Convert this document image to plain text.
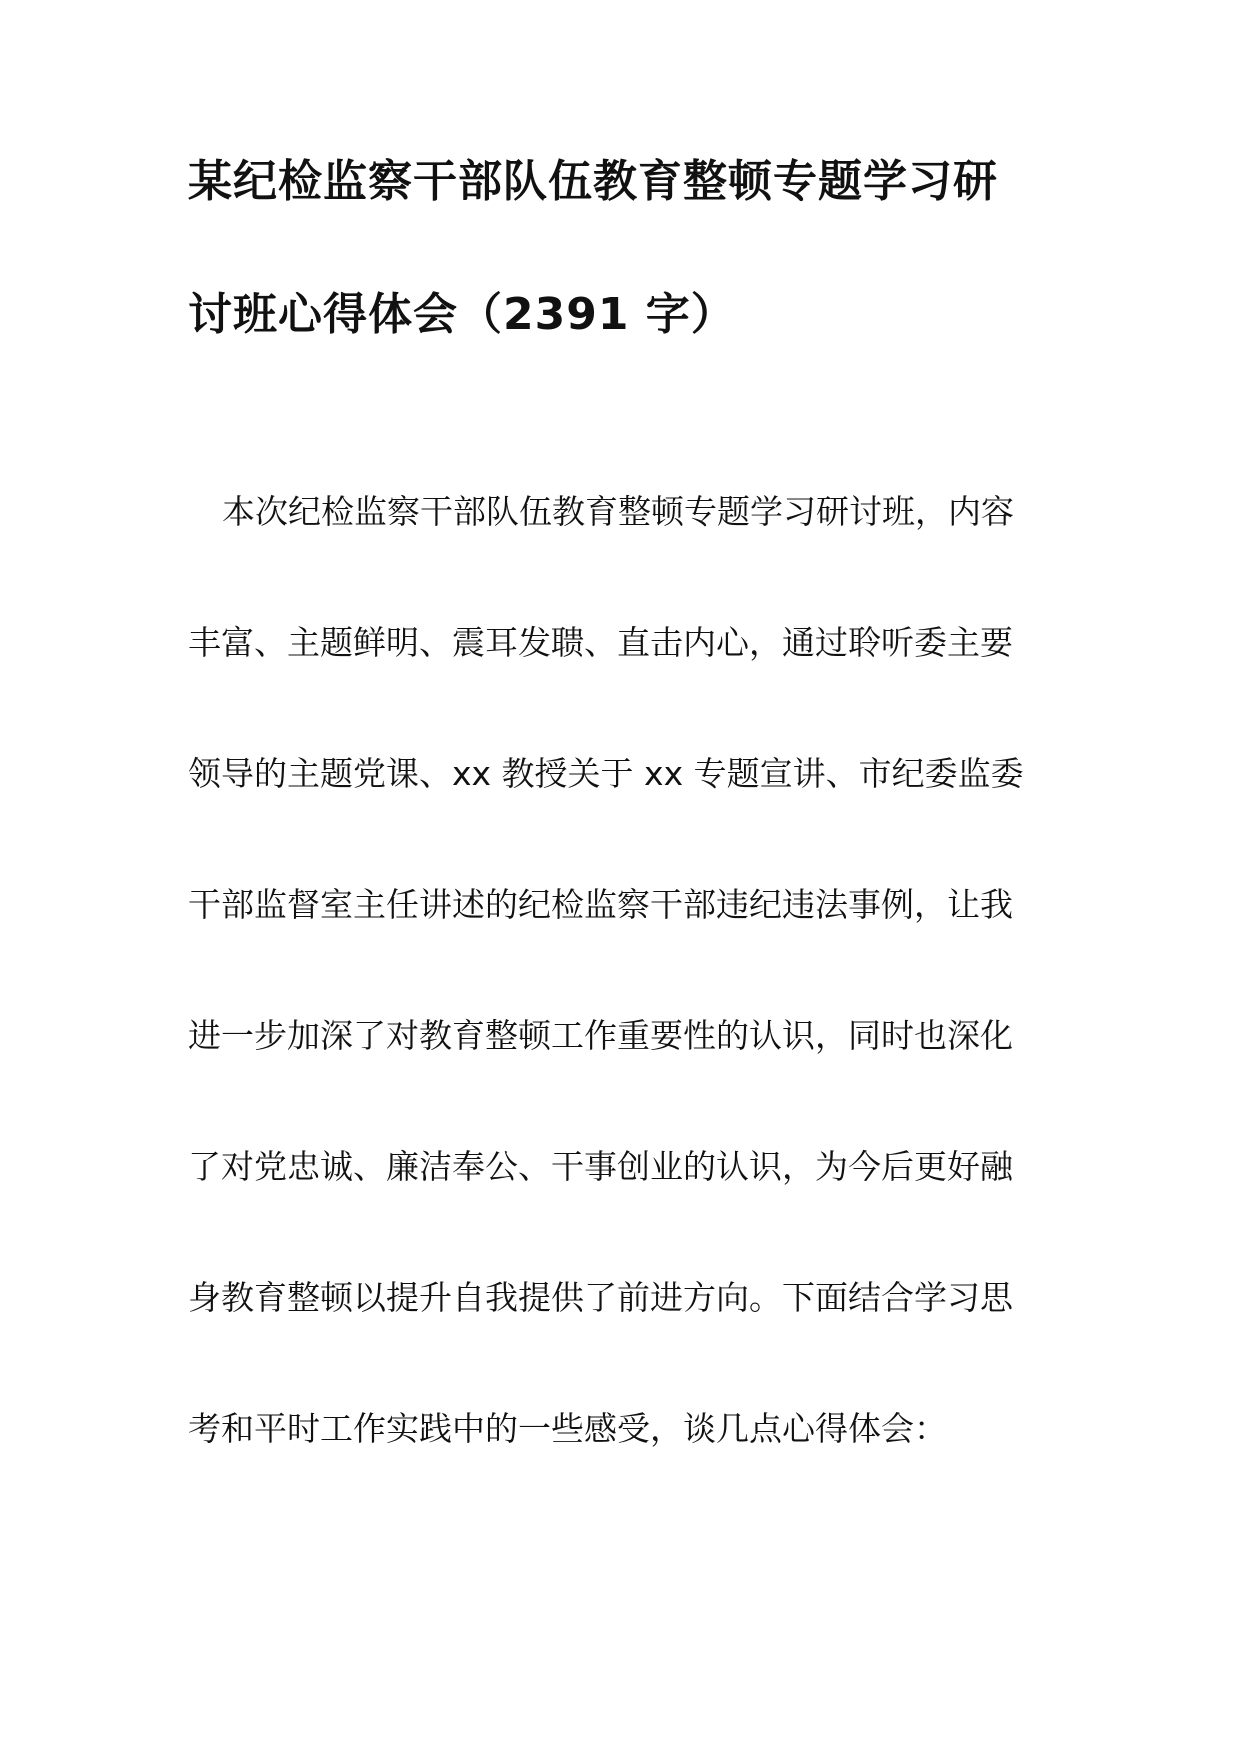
某纪检监察干部队伍教育整顿专题学习研
讨班心得体会（2391 字）
本次纪检监察干部队伍教育整顿专题学习研讨班，内容
丰富、主题鲜明、震耳发聩、直击内心，通过聆听委主要
领导的主题党课、xx 教授关于 xx 专题宣讲、市纪委监委
干部监督室主任讲述的纪检监察干部违纪违法事例，让我
进一步加深了对教育整顿工作重要性的认识，同时也深化
了对党忠诚、廉洁奉公、干事创业的认识，为今后更好融
身教育整顿以提升自我提供了前进方向。下面结合学习思
考和平时工作实践中的一些感受，谈几点心得体会：
